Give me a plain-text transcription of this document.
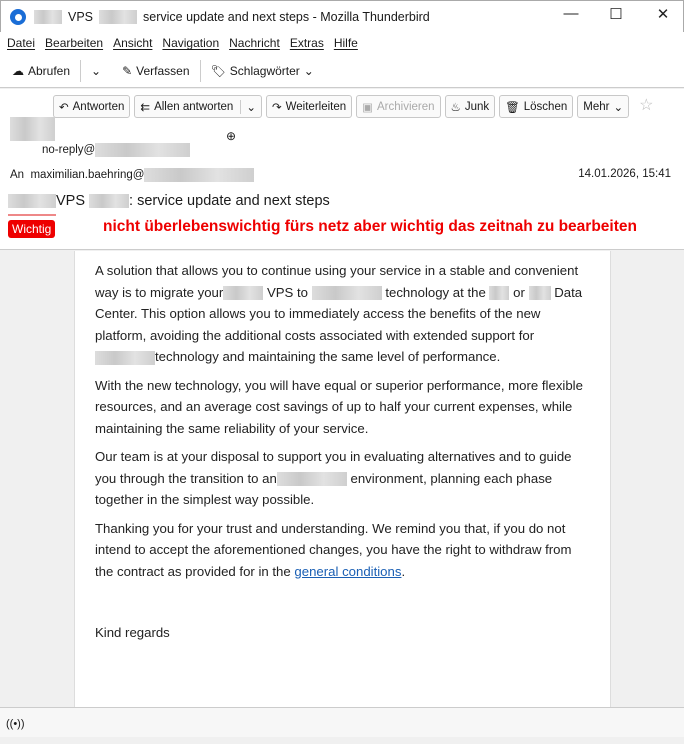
VPS	service update and next steps - Mozilla Thunderbird	—	☐	✕
Datei Bearbeiten Ansicht Navigation Nachricht Extras Hilfe
☁ Abrufen ⌄ ✎ Verfassen 🏷 Schlagwörter ⌄
↶ Antworten ⇇ Allen antworten	⌄	↷ Weiterleiten ▣ Archivieren ♨ Junk 🗑 Löschen Mehr ⌄ ☆
⊕
no-reply@
An maximilian.baehring@	14.01.2026, 15:41
VPS	: service update and next steps
Wichtig	nicht überlebenswichtig fürs netz aber wichtig das zeitnah zu bearbeiten

A solution that allows you to continue using your service in a stable and convenient way is to migrate your	VPS to	technology at the or Data Center. This option allows you to immediately access the benefits of the new platform, avoiding the additional costs associated with extended support fortechnology and maintaining the same level of performance.

With the new technology, you will have equal or superior performance, more flexible resources, and an average cost savings of up to half your current expenses, while maintaining the same reliability of your service.

Our team is at your disposal to support you in evaluating alternatives and to guide you through the transition to an	environment, planning each phase together in the simplest way possible.

Thanking you for your trust and understanding. We remind you that, if you do not intend to accept the aforementioned changes, you have the right to withdraw from the contract as provided for in the general conditions.

Kind regards

((•))
